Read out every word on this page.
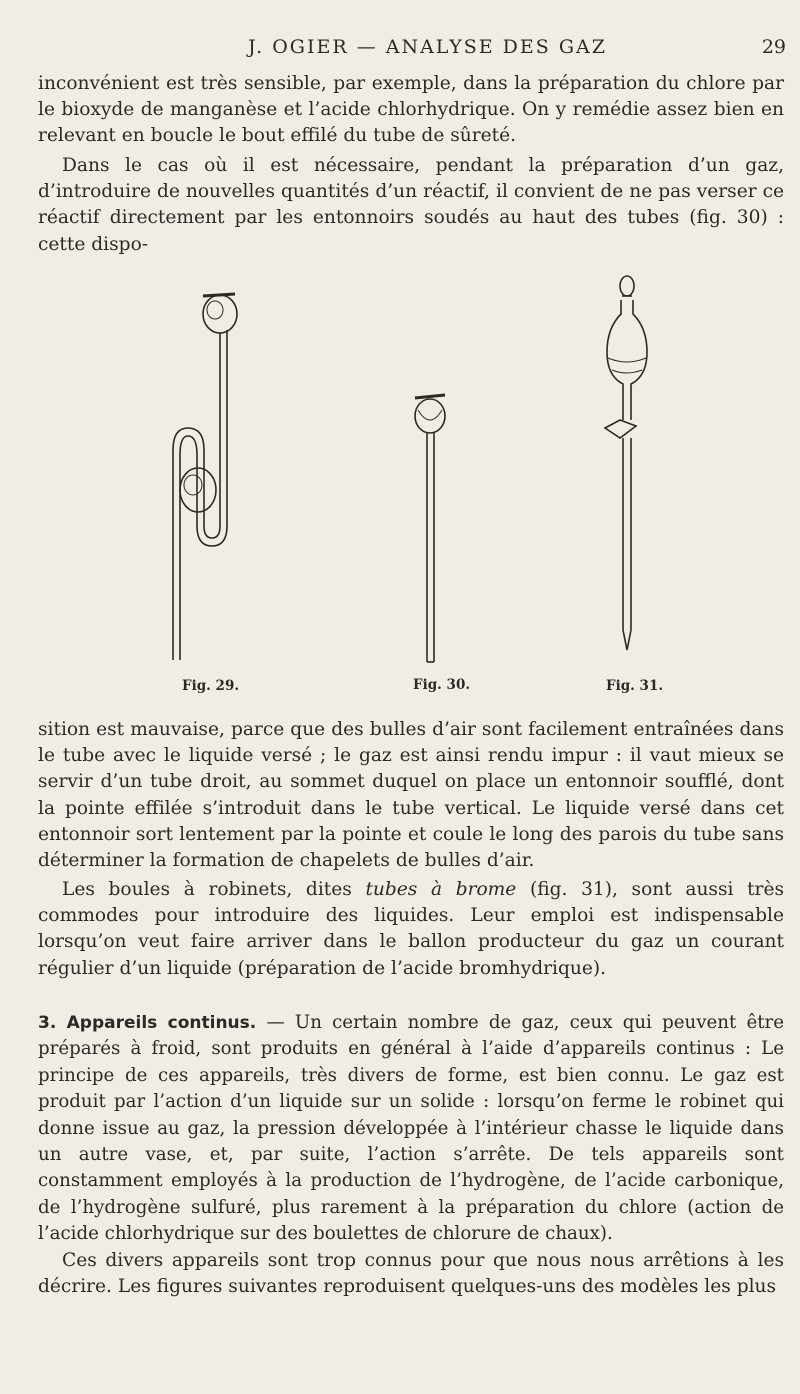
J. OGIER — ANALYSE DES GAZ	29

inconvénient est très sensible, par exemple, dans la préparation du chlore par le bioxyde de manganèse et l’acide chlorhydrique. On y remédie assez bien en relevant en boucle le bout effilé du tube de sûreté.

Dans le cas où il est nécessaire, pendant la préparation d’un gaz, d’introduire de nouvelles quantités d’un réactif, il convient de ne pas verser ce réactif directement par les entonnoirs soudés au haut des tubes (fig. 30) : cette dispo-

Fig. 29.	Fig. 30.	Fig. 31.

sition est mauvaise, parce que des bulles d’air sont facilement entraînées dans le tube avec le liquide versé ; le gaz est ainsi rendu impur : il vaut mieux se servir d’un tube droit, au sommet duquel on place un entonnoir soufflé, dont la pointe effilée s’introduit dans le tube vertical. Le liquide versé dans cet entonnoir sort lentement par la pointe et coule le long des parois du tube sans déterminer la formation de chapelets de bulles d’air.

Les boules à robinets, dites tubes à brome (fig. 31), sont aussi très commodes pour introduire des liquides. Leur emploi est indispensable lorsqu’on veut faire arriver dans le ballon producteur du gaz un courant régulier d’un liquide (préparation de l’acide bromhydrique).

3. Appareils continus. — Un certain nombre de gaz, ceux qui peuvent être préparés à froid, sont produits en général à l’aide d’appareils continus : Le principe de ces appareils, très divers de forme, est bien connu. Le gaz est produit par l’action d’un liquide sur un solide : lorsqu’on ferme le robinet qui donne issue au gaz, la pression développée à l’intérieur chasse le liquide dans un autre vase, et, par suite, l’action s’arrête. De tels appareils sont constamment employés à la production de l’hydrogène, de l’acide carbonique, de l’hydrogène sulfuré, plus rarement à la préparation du chlore (action de l’acide chlorhydrique sur des boulettes de chlorure de chaux).

Ces divers appareils sont trop connus pour que nous nous arrêtions à les décrire. Les figures suivantes reproduisent quelques-uns des modèles les plus
